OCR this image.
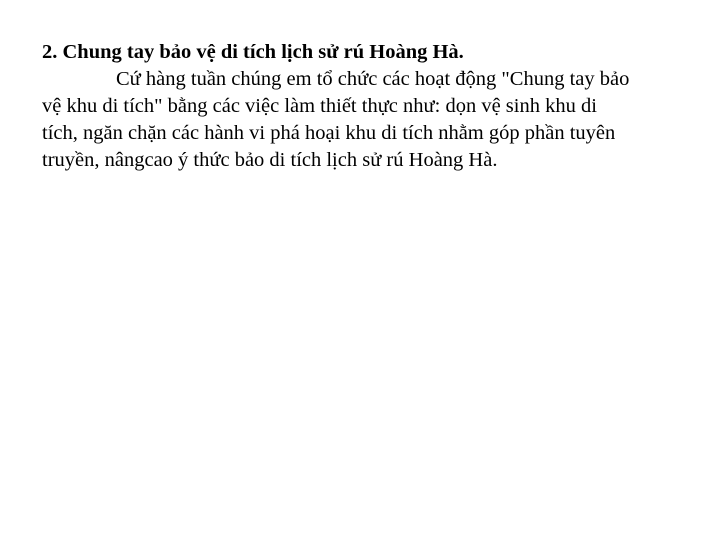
2. Chung tay bảo vệ di tích lịch sử rú Hoàng Hà.

Cứ hàng tuần chúng em tổ chức các hoạt động "Chung tay bảo
vệ khu di tích" bằng các việc làm thiết thực như: dọn vệ sinh khu di
tích, ngăn chặn các hành vi phá hoại khu di tích nhằm góp phần tuyên
truyền, nângcao ý thức bảo di tích lịch sử rú Hoàng Hà.
